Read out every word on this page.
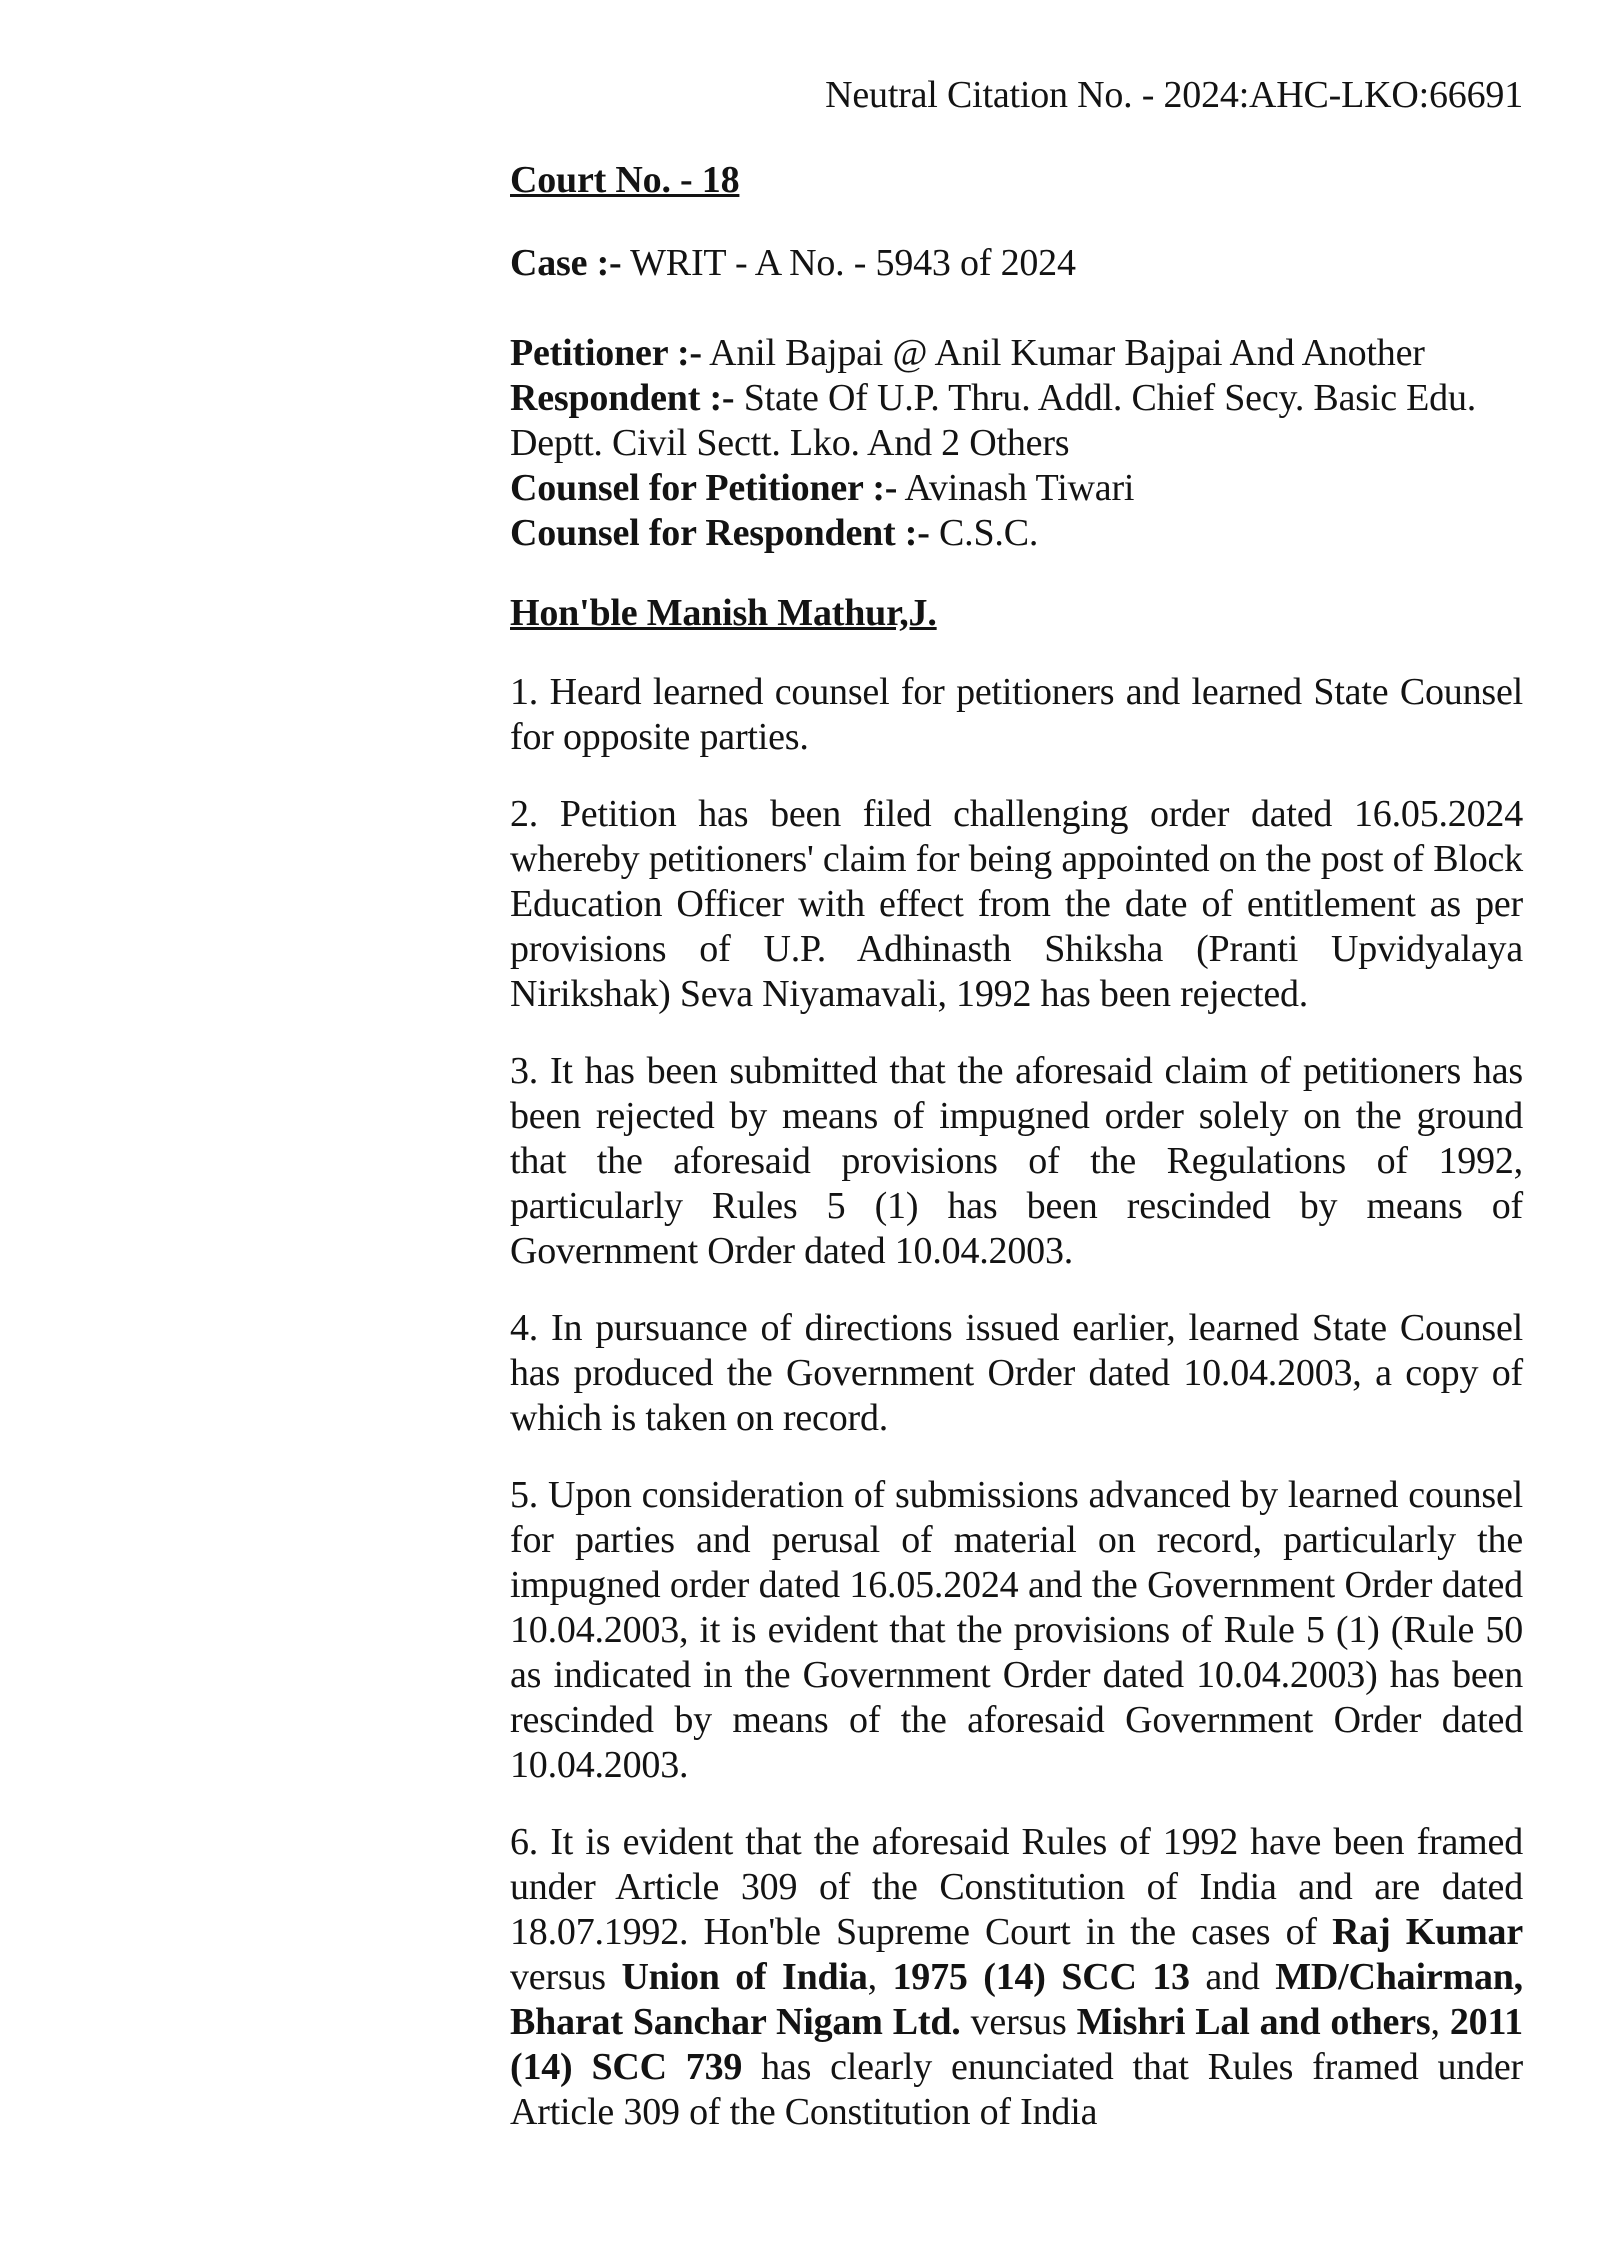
Neutral Citation No. - 2024:AHC-LKO:66691
Court No. - 18

Case :- WRIT - A No. - 5943 of 2024

Petitioner :- Anil Bajpai @ Anil Kumar Bajpai And Another

Respondent :- State Of U.P. Thru. Addl. Chief Secy. Basic Edu. Deptt. Civil Sectt. Lko. And 2 Others

Counsel for Petitioner :- Avinash Tiwari

Counsel for Respondent :- C.S.C.

Hon'ble Manish Mathur,J.

1. Heard learned counsel for petitioners and learned State Counsel for opposite parties.

2. Petition has been filed challenging order dated 16.05.2024 whereby petitioners' claim for being appointed on the post of Block Education Officer with effect from the date of entitlement as per provisions of U.P. Adhinasth Shiksha (Pranti Upvidyalaya Nirikshak) Seva Niyamavali, 1992 has been rejected.

3. It has been submitted that the aforesaid claim of petitioners has been rejected by means of impugned order solely on the ground that the aforesaid provisions of the Regulations of 1992, particularly Rules 5 (1) has been rescinded by means of Government Order dated 10.04.2003.

4. In pursuance of directions issued earlier, learned State Counsel has produced the Government Order dated 10.04.2003, a copy of which is taken on record.

5. Upon consideration of submissions advanced by learned counsel for parties and perusal of material on record, particularly the impugned order dated 16.05.2024 and the Government Order dated 10.04.2003, it is evident that the provisions of Rule 5 (1) (Rule 50 as indicated in the Government Order dated 10.04.2003) has been rescinded by means of the aforesaid Government Order dated 10.04.2003.

6. It is evident that the aforesaid Rules of 1992 have been framed under Article 309 of the Constitution of India and are dated 18.07.1992. Hon'ble Supreme Court in the cases of Raj Kumar versus Union of India, 1975 (14) SCC 13 and MD/Chairman, Bharat Sanchar Nigam Ltd. versus Mishri Lal and others, 2011 (14) SCC 739 has clearly enunciated that Rules framed under Article 309 of the Constitution of India
